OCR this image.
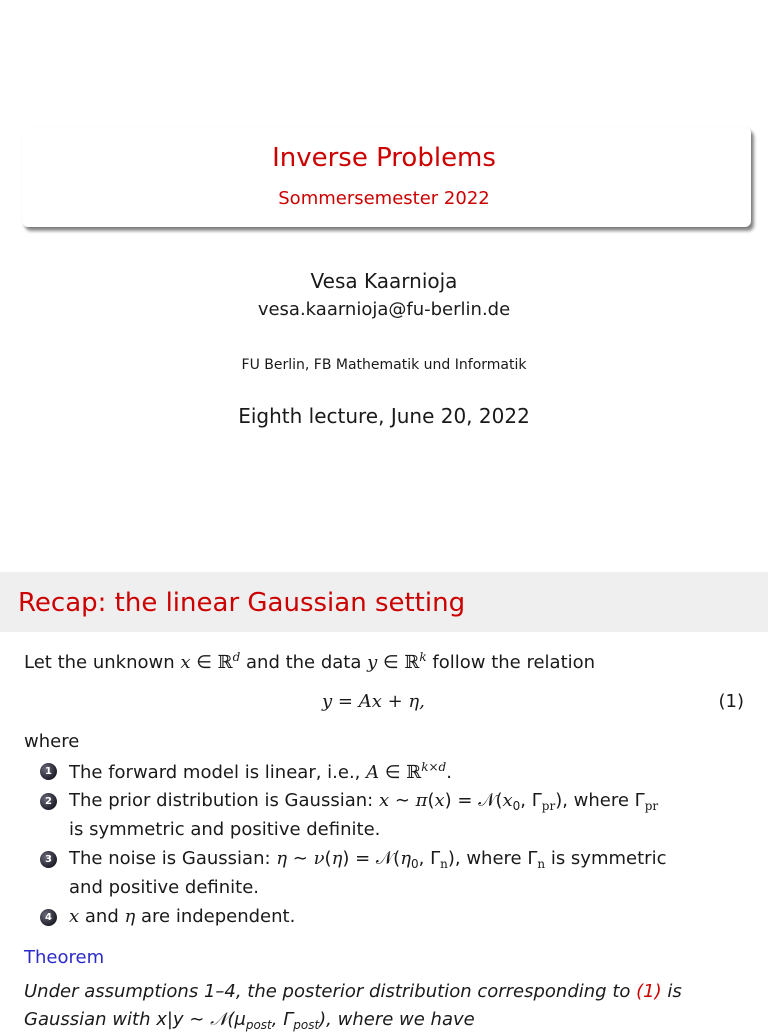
Inverse Problems
Sommersemester 2022
Vesa Kaarnioja
vesa.kaarnioja@fu-berlin.de
FU Berlin, FB Mathematik und Informatik
Eighth lecture, June 20, 2022
Recap: the linear Gaussian setting
Let the unknown x ∈ ℝ$^d$ and the data y ∈ ℝ$^k$ follow the relation
y = Ax + η,	(1)
where
1 The forward model is linear, i.e., A ∈ ℝ$^{k\times d}$.
2 The prior distribution is Gaussian: x ∼ $\pi(x) = 𝒩(x_0$, $\Gamma_{pr}$), where $\Gamma_{pr}$
is symmetric and positive definite.
3 The noise is Gaussian: η ∼ $\nu(\eta) = 𝒩(\eta_0$, $\Gamma_n$), where $\Gamma_n$ is symmetric
and positive definite.
4 x and η are independent.
Theorem
Under assumptions 1–4, the posterior distribution corresponding to (1) is
Gaussian with x|y ∼ $𝒩(\mu_{post}$, $\Gamma_{post}$), where we have
